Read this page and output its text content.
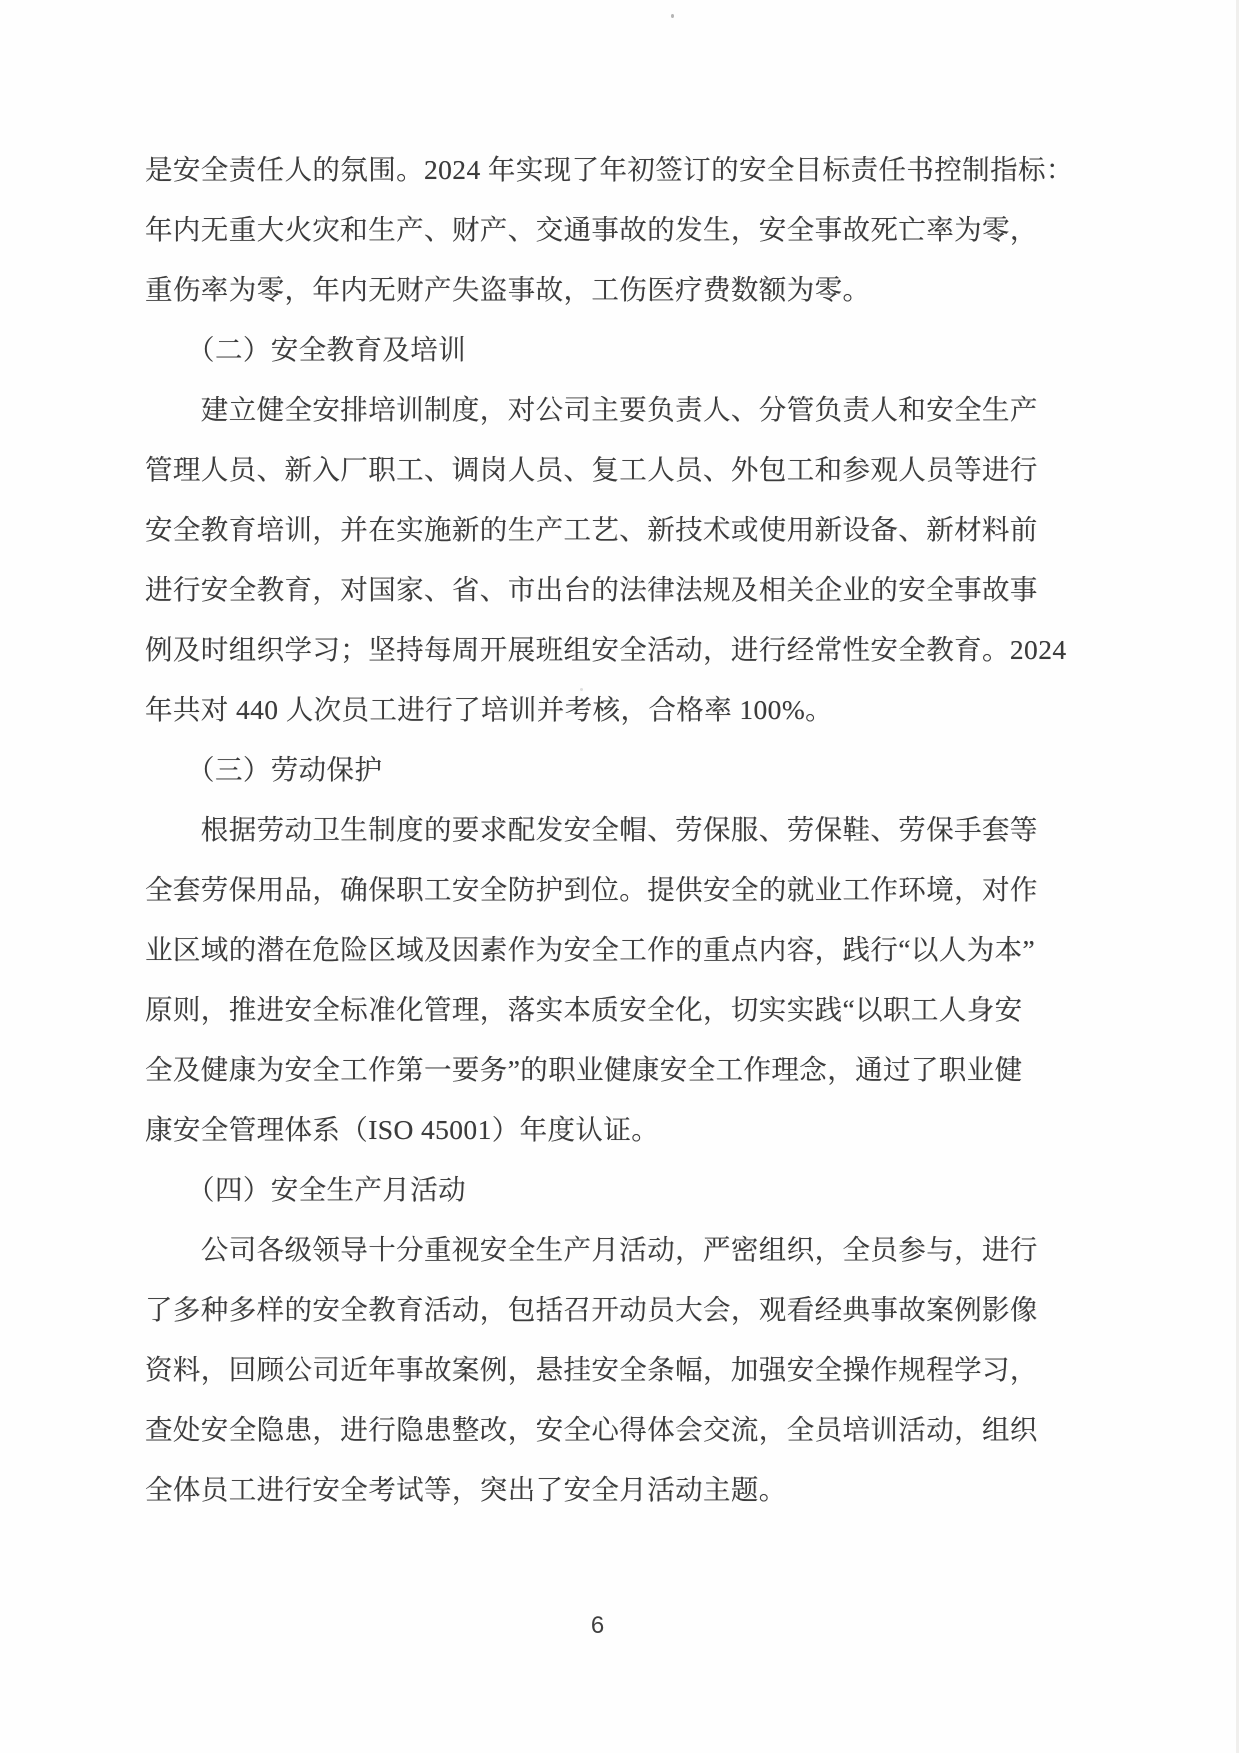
是安全责任人的氛围。2024 年实现了年初签订的安全目标责任书控制指标：
年内无重大火灾和生产、财产、交通事故的发生，安全事故死亡率为零，
重伤率为零，年内无财产失盗事故，工伤医疗费数额为零。
　　（二）安全教育及培训
　　建立健全安排培训制度，对公司主要负责人、分管负责人和安全生产
管理人员、新入厂职工、调岗人员、复工人员、外包工和参观人员等进行
安全教育培训，并在实施新的生产工艺、新技术或使用新设备、新材料前
进行安全教育，对国家、省、市出台的法律法规及相关企业的安全事故事
例及时组织学习；坚持每周开展班组安全活动，进行经常性安全教育。2024
年共对 440 人次员工进行了培训并考核，合格率 100%。
　　（三）劳动保护
　　根据劳动卫生制度的要求配发安全帽、劳保服、劳保鞋、劳保手套等
全套劳保用品，确保职工安全防护到位。提供安全的就业工作环境，对作
业区域的潜在危险区域及因素作为安全工作的重点内容，践行“以人为本”
原则，推进安全标准化管理，落实本质安全化，切实实践“以职工人身安
全及健康为安全工作第一要务”的职业健康安全工作理念，通过了职业健
康安全管理体系（ISO 45001）年度认证。
　　（四）安全生产月活动
　　公司各级领导十分重视安全生产月活动，严密组织，全员参与，进行
了多种多样的安全教育活动，包括召开动员大会，观看经典事故案例影像
资料，回顾公司近年事故案例，悬挂安全条幅，加强安全操作规程学习，
查处安全隐患，进行隐患整改，安全心得体会交流，全员培训活动，组织
全体员工进行安全考试等，突出了安全月活动主题。
6
